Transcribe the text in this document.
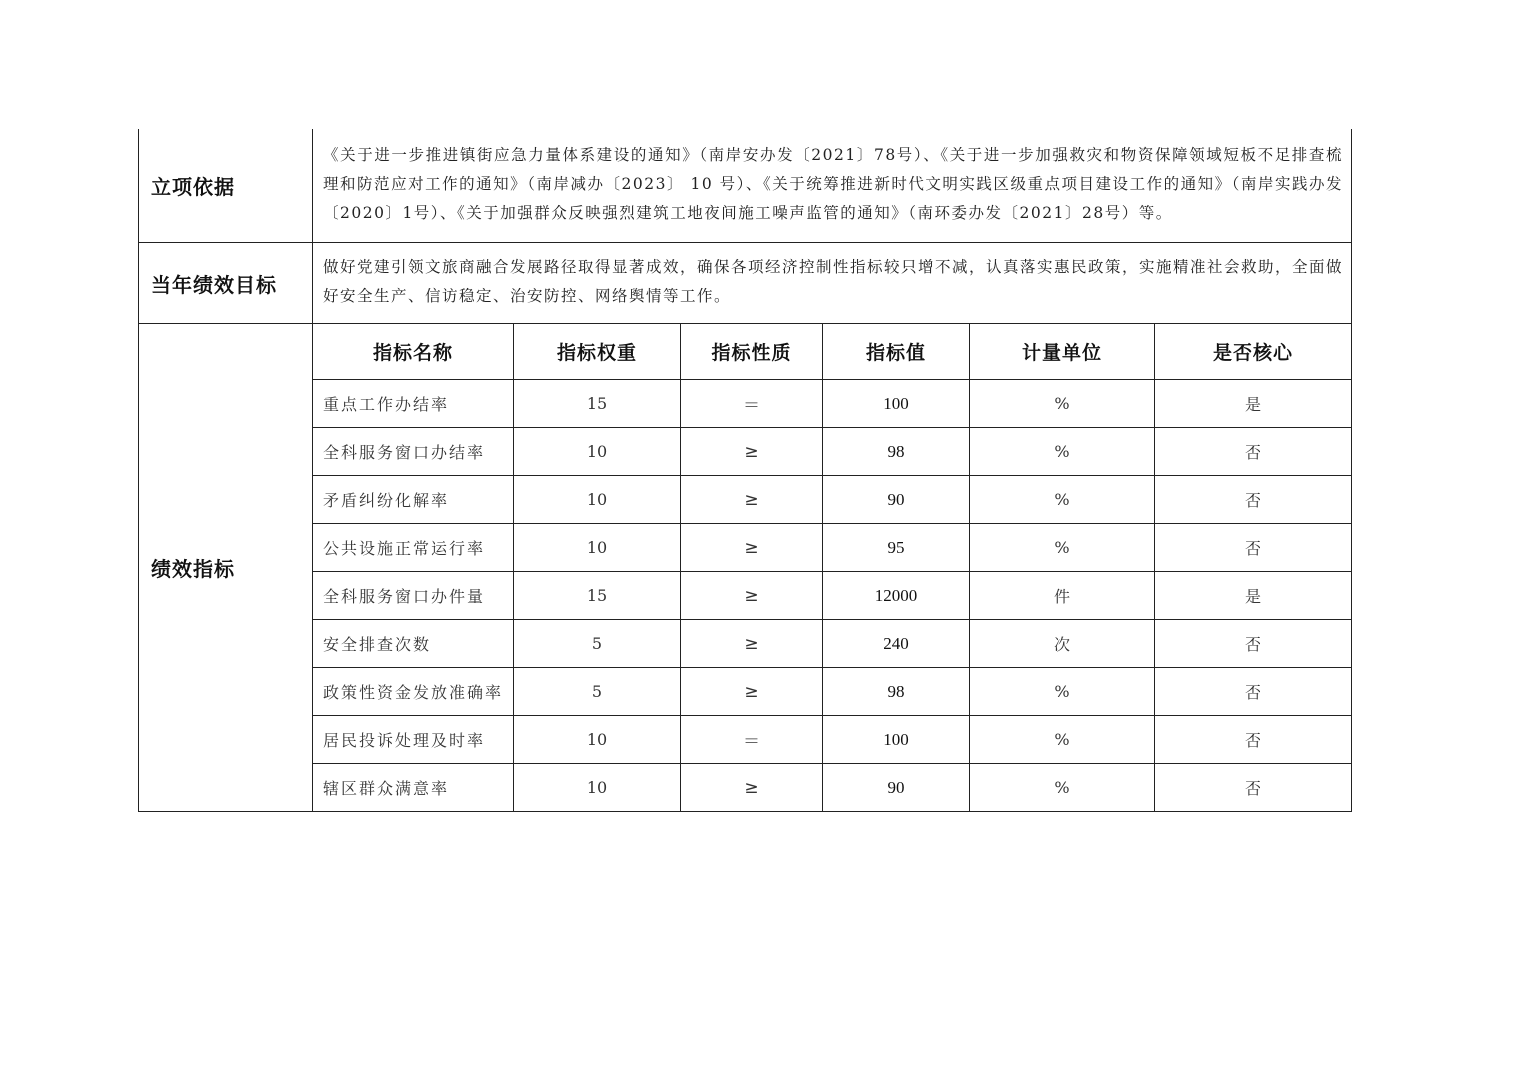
立项依据	《关于进一步推进镇街应急力量体系建设的通知》（南岸安办发〔2021〕78号）、《关于进一步加强救灾和物资保障领域短板不足排查梳理和防范应对工作的通知》（南岸减办〔2023〕 10 号）、《关于统筹推进新时代文明实践区级重点项目建设工作的通知》（南岸实践办发〔2020〕1号）、《关于加强群众反映强烈建筑工地夜间施工噪声监管的通知》（南环委办发〔2021〕28号）等。					
当年绩效目标	做好党建引领文旅商融合发展路径取得显著成效，确保各项经济控制性指标较只增不减，认真落实惠民政策，实施精准社会救助，全面做好安全生产、信访稳定、治安防控、网络舆情等工作。					
绩效指标	指标名称	指标权重	指标性质	指标值	计量单位	是否核心
	重点工作办结率	15	＝	100	%	是
	全科服务窗口办结率	10	≥	98	%	否
	矛盾纠纷化解率	10	≥	90	%	否
	公共设施正常运行率	10	≥	95	%	否
	全科服务窗口办件量	15	≥	12000	件	是
	安全排查次数	5	≥	240	次	否
	政策性资金发放准确率	5	≥	98	%	否
	居民投诉处理及时率	10	＝	100	%	否
	辖区群众满意率	10	≥	90	%	否
